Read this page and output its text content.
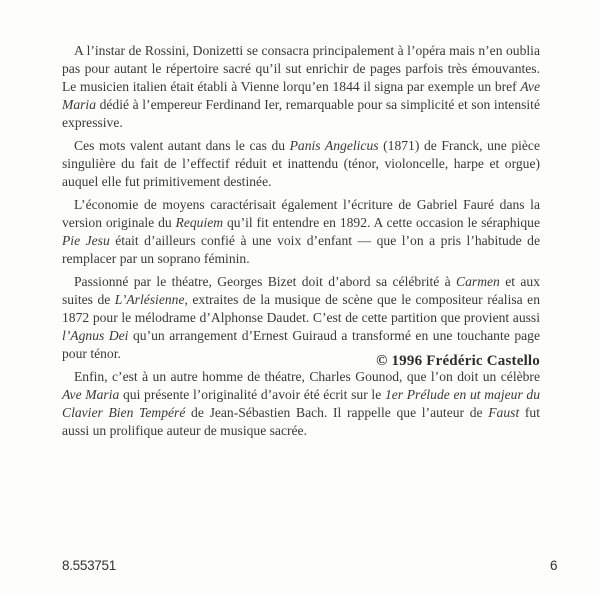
A l’instar de Rossini, Donizetti se consacra principalement à l’opéra mais n’en oublia pas pour autant le répertoire sacré qu’il sut enrichir de pages parfois très émouvantes. Le musicien italien était établi à Vienne lorqu’en 1844 il signa par exemple un bref Ave Maria dédié à l’empereur Ferdinand Ier, remarquable pour sa simplicité et son intensité expressive.

Ces mots valent autant dans le cas du Panis Angelicus (1871) de Franck, une pièce singulière du fait de l’effectif réduit et inattendu (ténor, violoncelle, harpe et orgue) auquel elle fut primitivement destinée.

L’économie de moyens caractérisait également l’écriture de Gabriel Fauré dans la version originale du Requiem qu’il fit entendre en 1892. A cette occasion le séraphique Pie Jesu était d’ailleurs confié à une voix d’enfant — que l’on a pris l’habitude de remplacer par un soprano féminin.

Passionné par le théatre, Georges Bizet doit d’abord sa célébrité à Carmen et aux suites de L’Arlésienne, extraites de la musique de scène que le compositeur réalisa en 1872 pour le mélodrame d’Alphonse Daudet. C’est de cette partition que provient aussi l’Agnus Dei qu’un arrangement d’Ernest Guiraud a transformé en une touchante page pour ténor.

Enfin, c’est à un autre homme de théatre, Charles Gounod, que l’on doit un célèbre Ave Maria qui présente l’originalité d’avoir été écrit sur le 1er Prélude en ut majeur du Clavier Bien Tempéré de Jean-Sébastien Bach. Il rappelle que l’auteur de Faust fut aussi un prolifique auteur de musique sacrée.

© 1996 Frédéric Castello
8.553751	6
